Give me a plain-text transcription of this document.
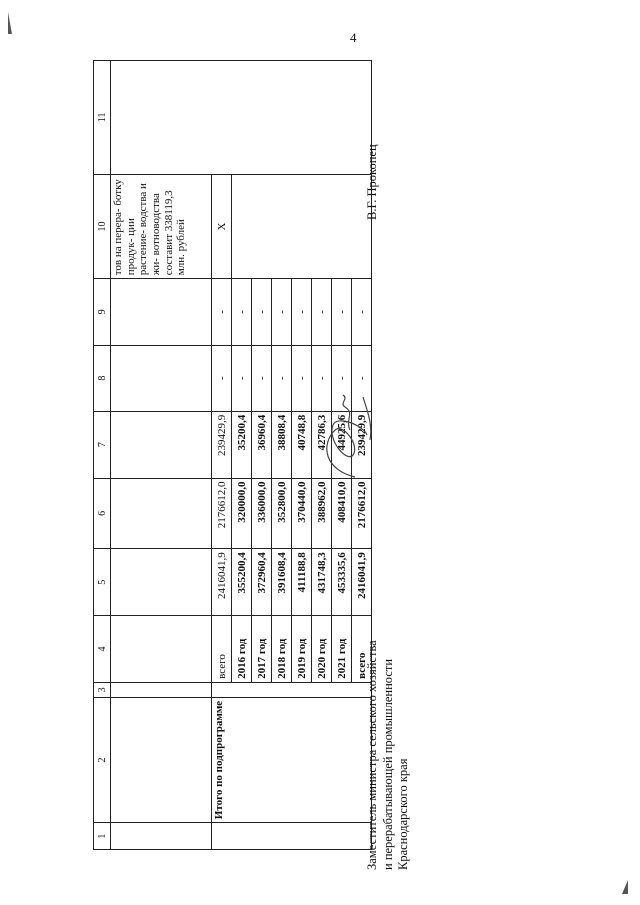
4
1	2	3	4	5	6	7	8	9	10	11
									тов на перера- ботку продук- ции растение- водства и жи- вотноводства составит 338119,3 млн. рублей	
	Итого по подпрограмме		всего	2416041,9	2176612,0	239429,9	-	-	X	
			2016 год	355200,4	320000,0	35200,4	-	-		
			2017 год	372960,4	336000,0	36960,4	-	-		
			2018 год	391608,4	352800,0	38808,4	-	-		
			2019 год	411188,8	370440,0	40748,8	-	-		
			2020 год	431748,3	388962,0	42786,3	-	-		
			2021 год	453335,6	408410,0	44925,6	-	-		
			всего	2416041,9	2176612,0	239429,9	-	-		
Заместитель министра сельского хозяйства и перерабатывающей промышленности Краснодарского края
В.Г. Прокопец
